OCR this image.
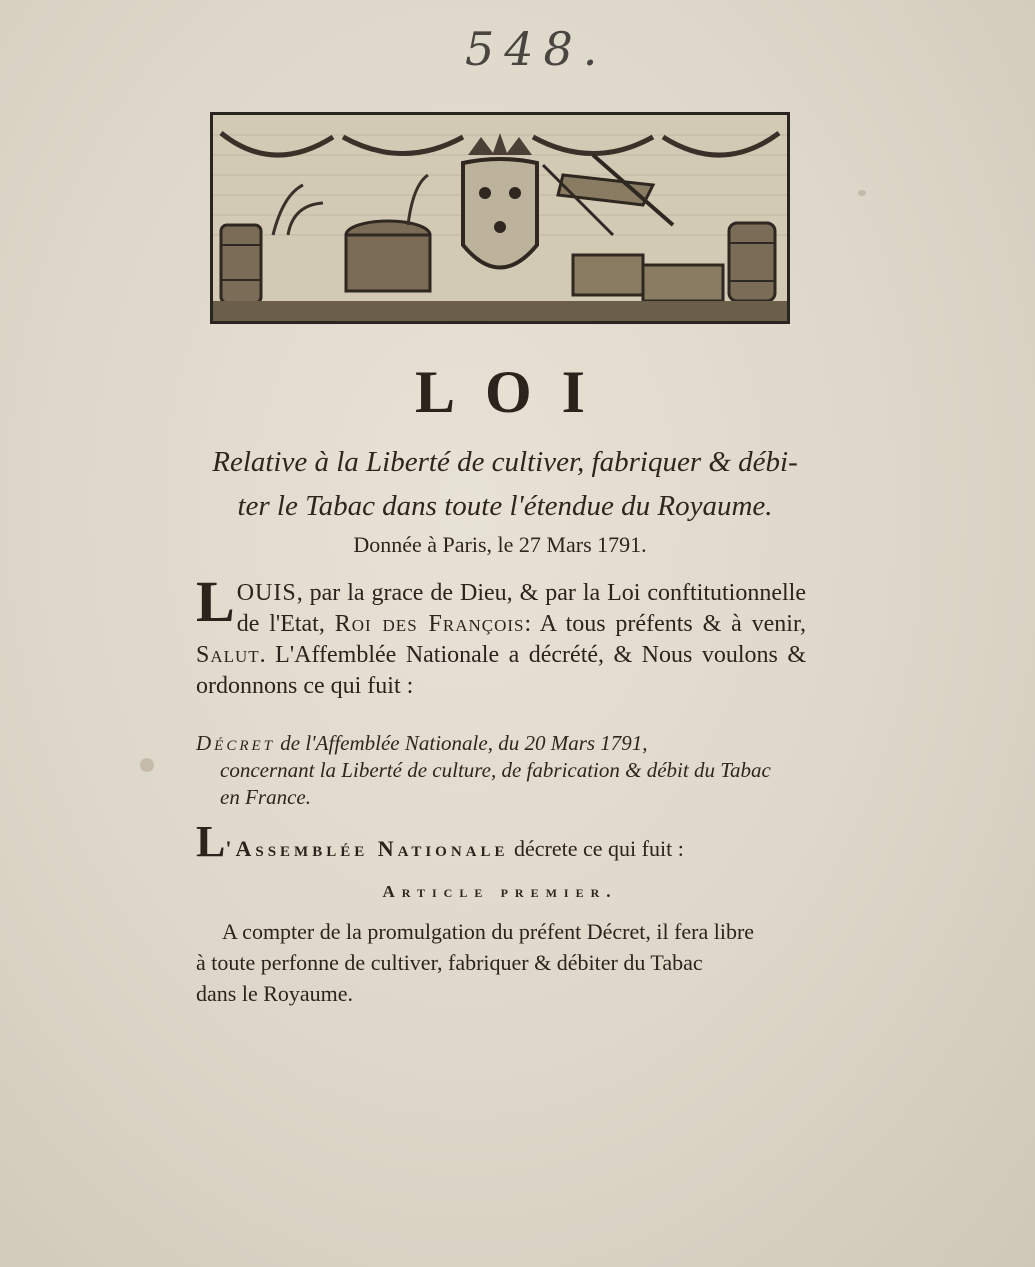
548.
LOI
Relative à la Liberté de cultiver, fabriquer & débi-
ter le Tabac dans toute l'étendue du Royaume.
Donnée à Paris, le 27 Mars 1791.
LOUIS, par la grace de Dieu, & par la Loi conftitutionnelle de l'Etat, Roi des François: A tous préfents & à venir, Salut. L'Affemblée Nationale a décrété, & Nous voulons & ordonnons ce qui fuit :
Décret de l'Affemblée Nationale, du 20 Mars 1791,
concernant la Liberté de culture, de fabrication & débit du Tabac
en France.
L'Assemblée Nationale décrete ce qui fuit :
Article premier.
A compter de la promulgation du préfent Décret, il fera libre
à toute perfonne de cultiver, fabriquer & débiter du Tabac
dans le Royaume.
